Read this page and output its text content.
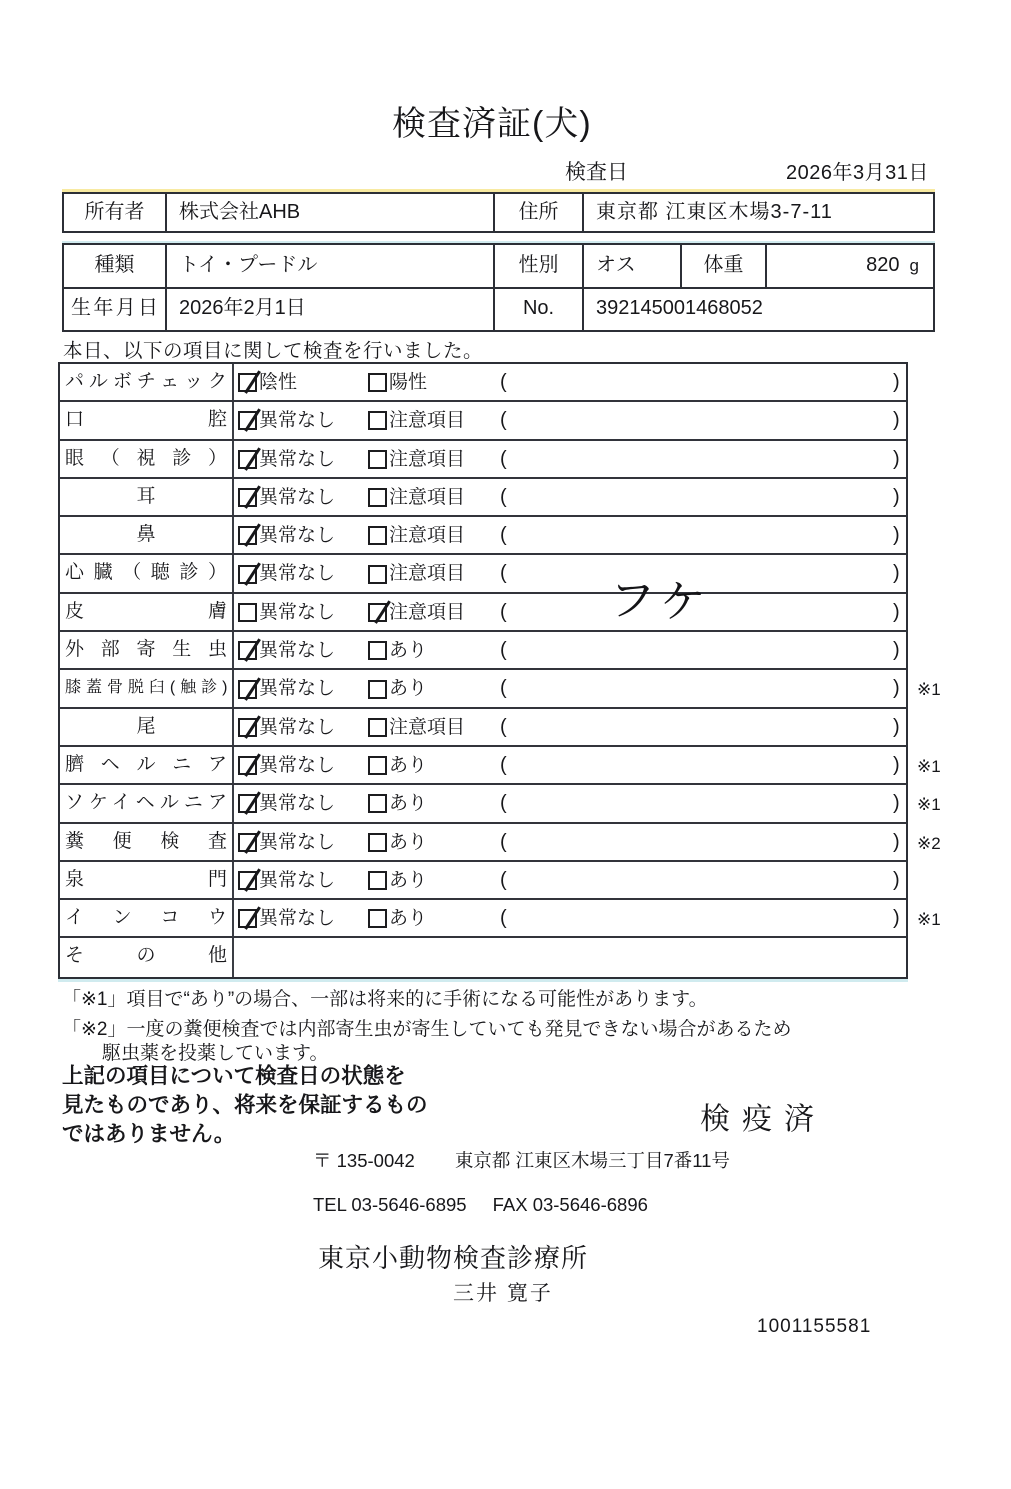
検査済証(犬)
検査日	2026年3月31日
所有者	株式会社AHB	住所	東京都 江東区木場3-7-11
種類	トイ・プードル	性別	オス	体重	820 g
生年月日	2026年2月1日	No.	392145001468052
本日、以下の項目に関して検査を行いました。
パルボチェック	陰性	陽性	(	)
口腔	異常なし	注意項目 (	)
眼（視診）	異常なし	注意項目 (	)
耳	異常なし	注意項目 (	)
鼻	異常なし	注意項目 (	)
心臓（聴診）	異常なし	注意項目 (	)
皮膚	異常なし	注意項目 ( フケ	)
外部寄生虫	異常なし	あり	(	)
膝蓋骨脱臼(触診)	異常なし	あり	(	) ※1
尾	異常なし	注意項目 (	)
臍ヘルニア	異常なし	あり	(	) ※1
ソケイヘルニア	異常なし	あり	(	) ※1
糞便検査	異常なし	あり	(	) ※2
泉門	異常なし	あり	(	)
インコウ	異常なし	あり	(	) ※1
その他
「※1」項目で“あり”の場合、一部は将来的に手術になる可能性があります。
「※2」一度の糞便検査では内部寄生虫が寄生していても発見できない場合があるため
駆虫薬を投薬しています。
上記の項目について検査日の状態を
見たものであり、将来を保証するもの
ではありません。	検疫済
〒 135-0042 東京都 江東区木場三丁目7番11号
TEL 03-5646-6895 FAX 03-5646-6896
東京小動物検査診療所
三井 寛子
1001155581
